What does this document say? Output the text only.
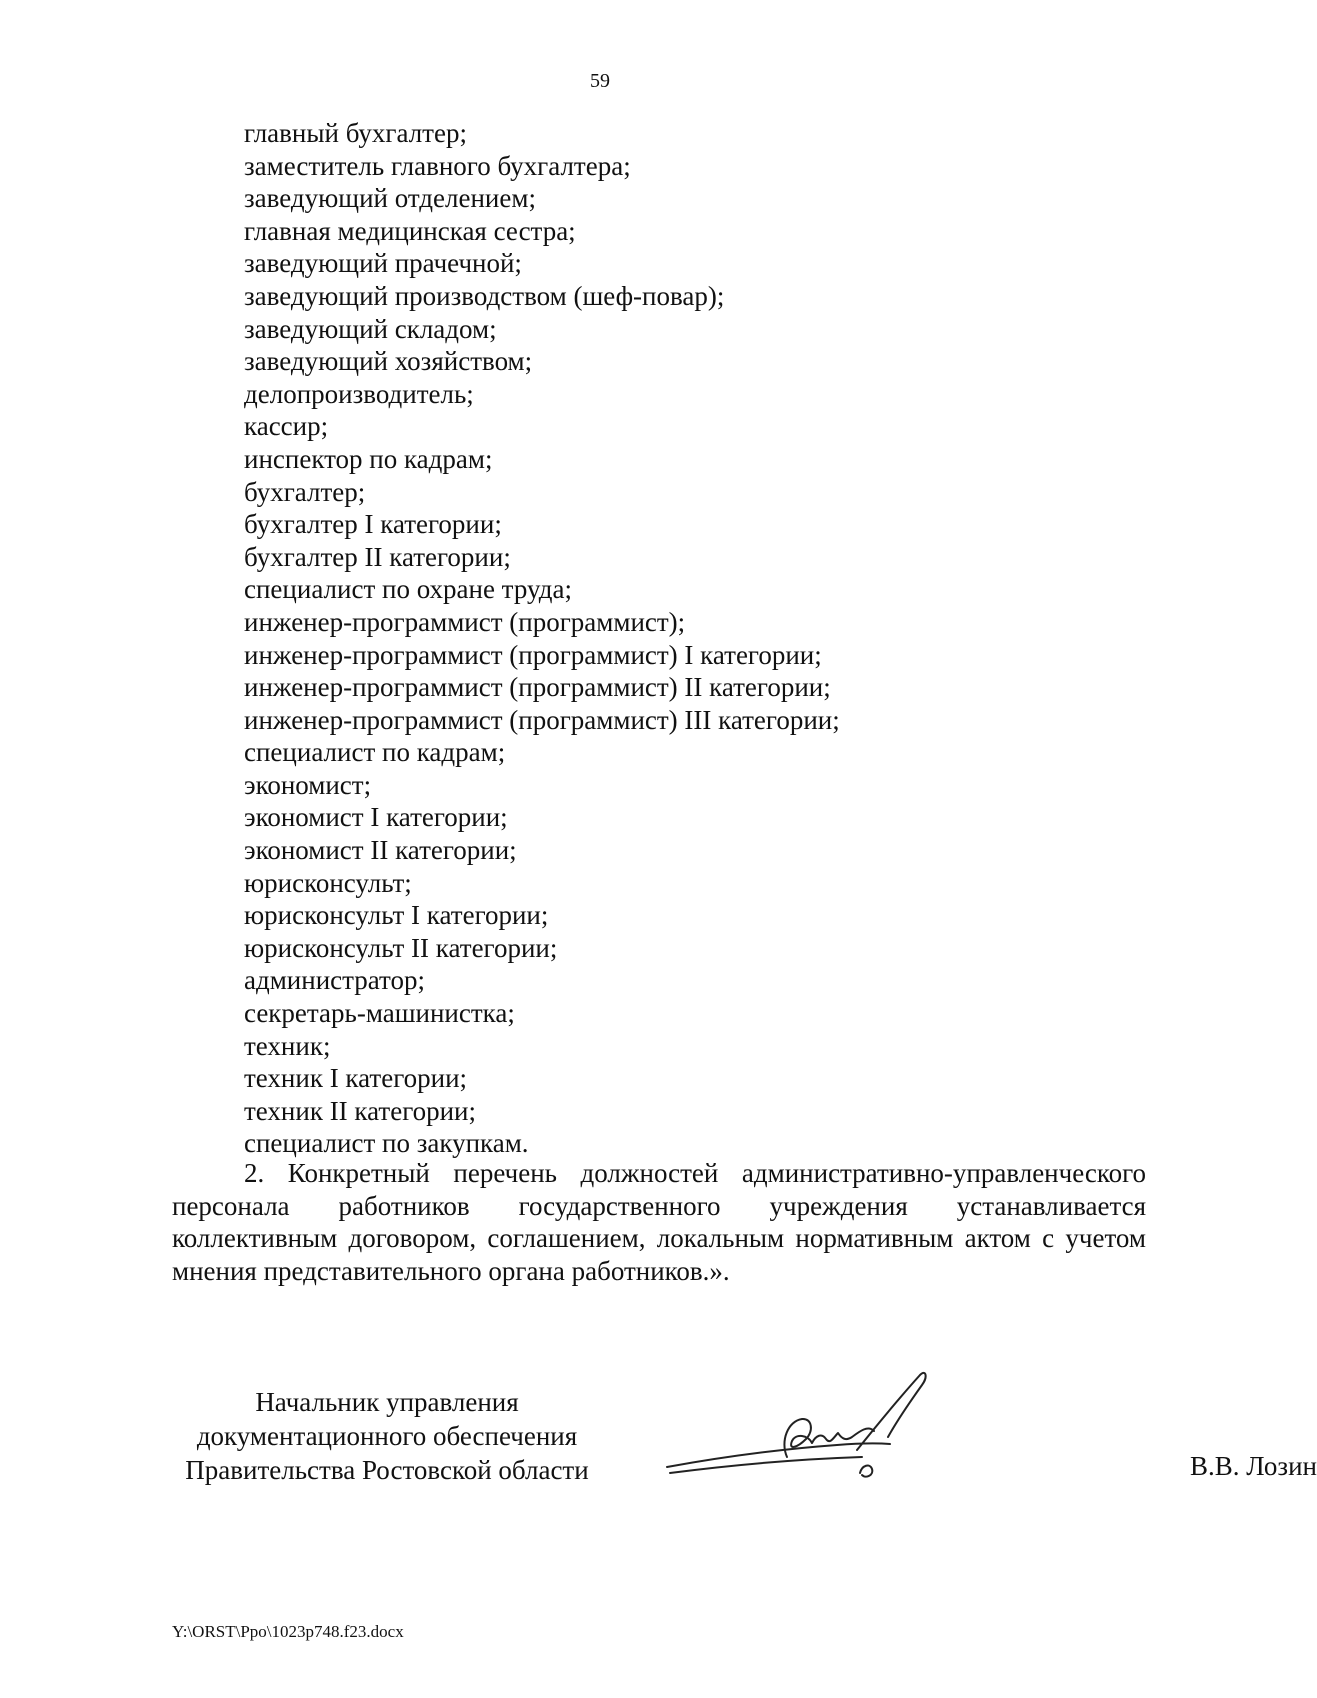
59
главный бухгалтер;
заместитель главного бухгалтера;
заведующий отделением;
главная медицинская сестра;
заведующий прачечной;
заведующий производством (шеф-повар);
заведующий складом;
заведующий хозяйством;
делопроизводитель;
кассир;
инспектор по кадрам;
бухгалтер;
бухгалтер I категории;
бухгалтер II категории;
специалист по охране труда;
инженер-программист (программист);
инженер-программист (программист) I категории;
инженер-программист (программист) II категории;
инженер-программист (программист) III категории;
специалист по кадрам;
экономист;
экономист I категории;
экономист II категории;
юрисконсульт;
юрисконсульт I категории;
юрисконсульт II категории;
администратор;
секретарь-машинистка;
техник;
техник I категории;
техник II категории;
специалист по закупкам.

2. Конкретный перечень должностей административно-управленческого персонала работников государственного учреждения устанавливается коллективным договором, соглашением, локальным нормативным актом с учетом мнения представительного органа работников.».

Начальник управления
документационного обеспечения
Правительства Ростовской области	В.В. Лозин
Y:\ORST\Ppo\1023p748.f23.docx
